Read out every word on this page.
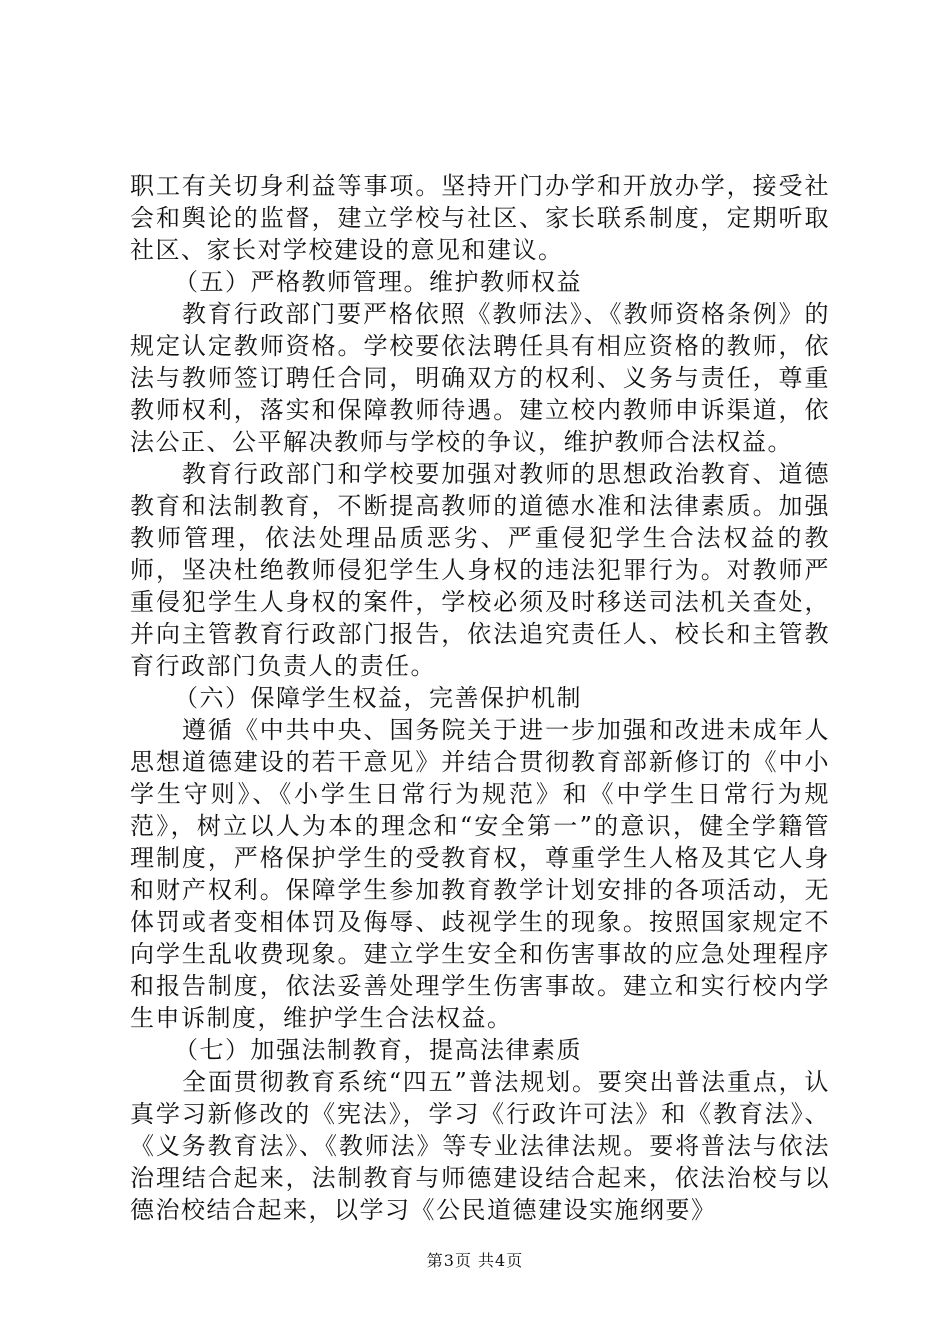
职工有关切身利益等事项。坚持开门办学和开放办学，接受社会和舆论的监督，建立学校与社区、家长联系制度，定期听取社区、家长对学校建设的意见和建议。

（五）严格教师管理。维护教师权益

教育行政部门要严格依照《教师法》、《教师资格条例》的规定认定教师资格。学校要依法聘任具有相应资格的教师，依法与教师签订聘任合同，明确双方的权利、义务与责任，尊重教师权利，落实和保障教师待遇。建立校内教师申诉渠道，依法公正、公平解决教师与学校的争议，维护教师合法权益。

教育行政部门和学校要加强对教师的思想政治教育、道德教育和法制教育，不断提高教师的道德水准和法律素质。加强教师管理，依法处理品质恶劣、严重侵犯学生合法权益的教师，坚决杜绝教师侵犯学生人身权的违法犯罪行为。对教师严重侵犯学生人身权的案件，学校必须及时移送司法机关查处，并向主管教育行政部门报告，依法追究责任人、校长和主管教育行政部门负责人的责任。

（六）保障学生权益，完善保护机制

遵循《中共中央、国务院关于进一步加强和改进未成年人思想道德建设的若干意见》并结合贯彻教育部新修订的《中小学生守则》、《小学生日常行为规范》和《中学生日常行为规范》，树立以人为本的理念和“安全第一”的意识，健全学籍管理制度，严格保护学生的受教育权，尊重学生人格及其它人身和财产权利。保障学生参加教育教学计划安排的各项活动，无体罚或者变相体罚及侮辱、歧视学生的现象。按照国家规定不向学生乱收费现象。建立学生安全和伤害事故的应急处理程序和报告制度，依法妥善处理学生伤害事故。建立和实行校内学生申诉制度，维护学生合法权益。

（七）加强法制教育，提高法律素质

全面贯彻教育系统“四五”普法规划。要突出普法重点，认真学习新修改的《宪法》，学习《行政许可法》和《教育法》、《义务教育法》、《教师法》等专业法律法规。要将普法与依法治理结合起来，法制教育与师德建设结合起来，依法治校与以德治校结合起来，以学习《公民道德建设实施纲要》

第3页 共4页
